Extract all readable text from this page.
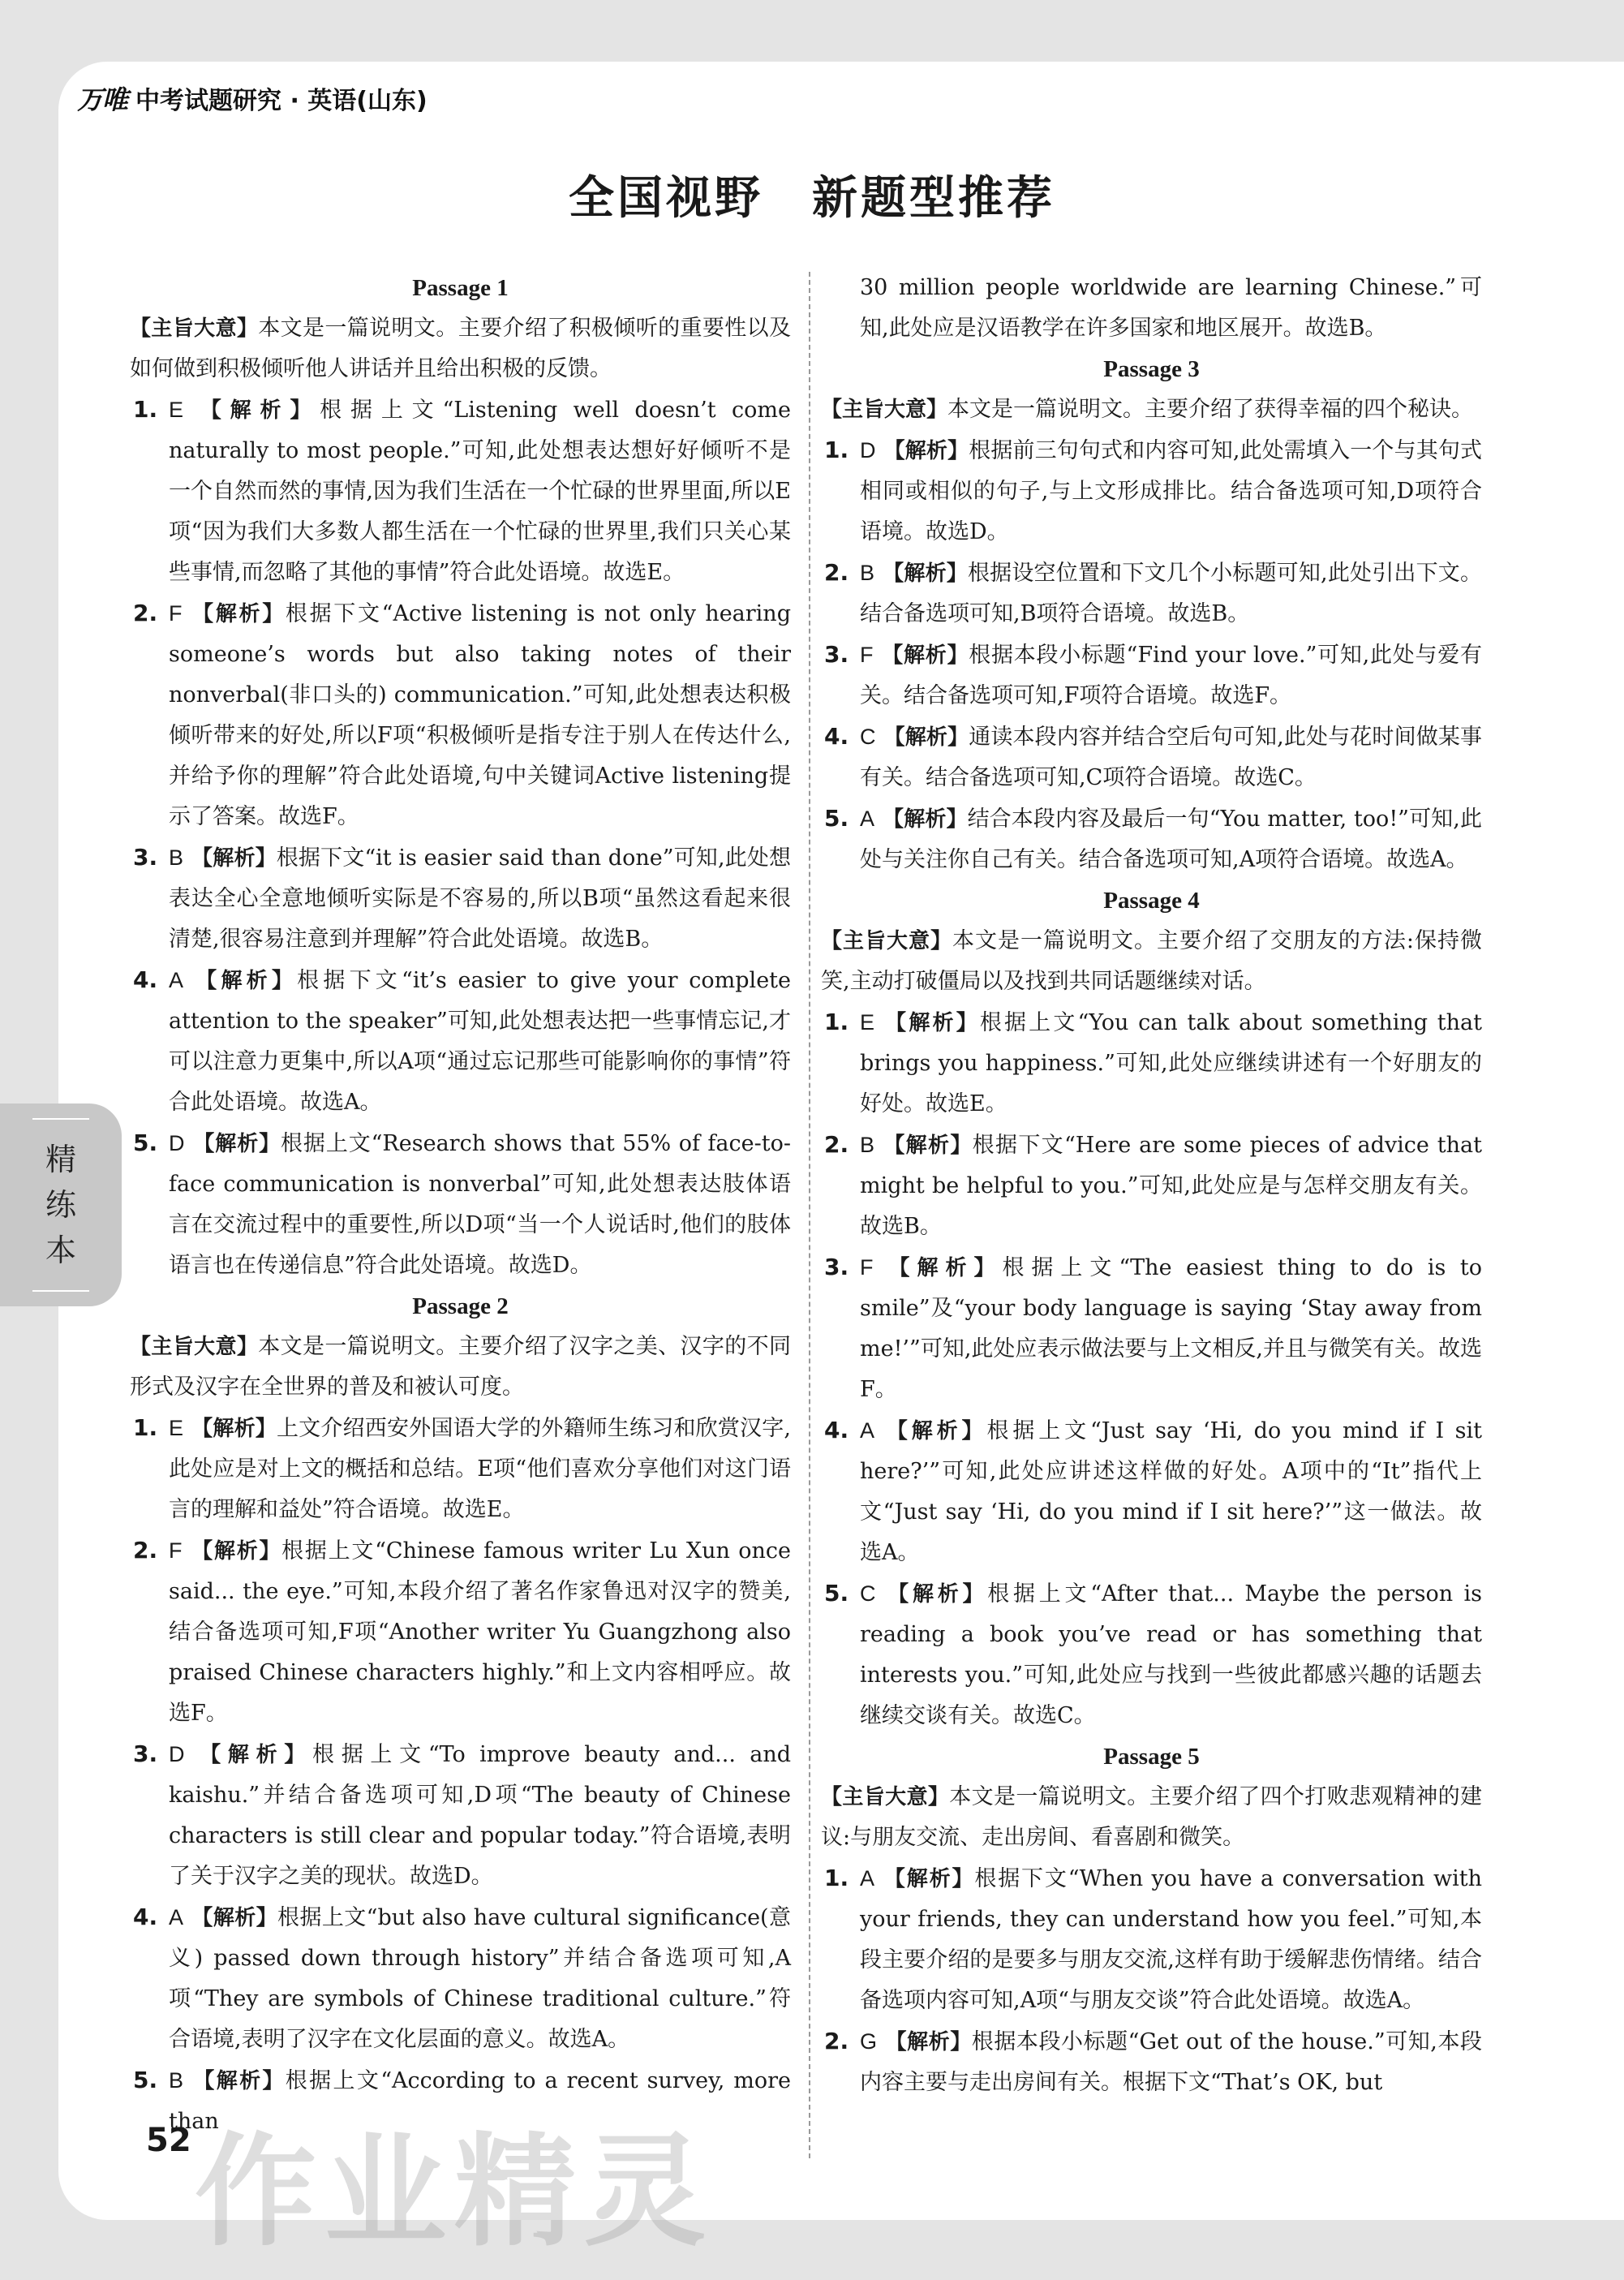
万唯 中考试题研究 · 英语(山东)
全国视野　新题型推荐
精
练
本
Passage 1
【主旨大意】本文是一篇说明文。主要介绍了积极倾听的重要性以及如何做到积极倾听他人讲话并且给出积极的反馈。
1. E 【解析】根据上文“Listening well doesn’t come naturally to most people.”可知,此处想表达想好好倾听不是一个自然而然的事情,因为我们生活在一个忙碌的世界里面,所以E项“因为我们大多数人都生活在一个忙碌的世界里,我们只关心某些事情,而忽略了其他的事情”符合此处语境。故选E。
2. F 【解析】根据下文“Active listening is not only hearing someone’s words but also taking notes of their nonverbal(非口头的) communication.”可知,此处想表达积极倾听带来的好处,所以F项“积极倾听是指专注于别人在传达什么,并给予你的理解”符合此处语境,句中关键词Active listening提示了答案。故选F。
3. B 【解析】根据下文“it is easier said than done”可知,此处想表达全心全意地倾听实际是不容易的,所以B项“虽然这看起来很清楚,很容易注意到并理解”符合此处语境。故选B。
4. A 【解析】根据下文“it’s easier to give your complete attention to the speaker”可知,此处想表达把一些事情忘记,才可以注意力更集中,所以A项“通过忘记那些可能影响你的事情”符合此处语境。故选A。
5. D 【解析】根据上文“Research shows that 55% of face-to-face communication is nonverbal”可知,此处想表达肢体语言在交流过程中的重要性,所以D项“当一个人说话时,他们的肢体语言也在传递信息”符合此处语境。故选D。
Passage 2
【主旨大意】本文是一篇说明文。主要介绍了汉字之美、汉字的不同形式及汉字在全世界的普及和被认可度。
1. E 【解析】上文介绍西安外国语大学的外籍师生练习和欣赏汉字,此处应是对上文的概括和总结。E项“他们喜欢分享他们对这门语言的理解和益处”符合语境。故选E。
2. F 【解析】根据上文“Chinese famous writer Lu Xun once said... the eye.”可知,本段介绍了著名作家鲁迅对汉字的赞美,结合备选项可知,F项“Another writer Yu Guangzhong also praised Chinese characters highly.”和上文内容相呼应。故选F。
3. D 【解析】根据上文“To improve beauty and... and kaishu.”并结合备选项可知,D项“The beauty of Chinese characters is still clear and popular today.”符合语境,表明了关于汉字之美的现状。故选D。
4. A 【解析】根据上文“but also have cultural significance(意义) passed down through history”并结合备选项可知,A项“They are symbols of Chinese traditional culture.”符合语境,表明了汉字在文化层面的意义。故选A。
5. B 【解析】根据上文“According to a recent survey, more than
30 million people worldwide are learning Chinese.”可知,此处应是汉语教学在许多国家和地区展开。故选B。
Passage 3
【主旨大意】本文是一篇说明文。主要介绍了获得幸福的四个秘诀。
1. D 【解析】根据前三句句式和内容可知,此处需填入一个与其句式相同或相似的句子,与上文形成排比。结合备选项可知,D项符合语境。故选D。
2. B 【解析】根据设空位置和下文几个小标题可知,此处引出下文。结合备选项可知,B项符合语境。故选B。
3. F 【解析】根据本段小标题“Find your love.”可知,此处与爱有关。结合备选项可知,F项符合语境。故选F。
4. C 【解析】通读本段内容并结合空后句可知,此处与花时间做某事有关。结合备选项可知,C项符合语境。故选C。
5. A 【解析】结合本段内容及最后一句“You matter, too!”可知,此处与关注你自己有关。结合备选项可知,A项符合语境。故选A。
Passage 4
【主旨大意】本文是一篇说明文。主要介绍了交朋友的方法:保持微笑,主动打破僵局以及找到共同话题继续对话。
1. E 【解析】根据上文“You can talk about something that brings you happiness.”可知,此处应继续讲述有一个好朋友的好处。故选E。
2. B 【解析】根据下文“Here are some pieces of advice that might be helpful to you.”可知,此处应是与怎样交朋友有关。故选B。
3. F 【解析】根据上文“The easiest thing to do is to smile”及“your body language is saying ‘Stay away from me!’”可知,此处应表示做法要与上文相反,并且与微笑有关。故选F。
4. A 【解析】根据上文“Just say ‘Hi, do you mind if I sit here?’”可知,此处应讲述这样做的好处。A项中的“It”指代上文“Just say ‘Hi, do you mind if I sit here?’”这一做法。故选A。
5. C 【解析】根据上文“After that... Maybe the person is reading a book you’ve read or has something that interests you.”可知,此处应与找到一些彼此都感兴趣的话题去继续交谈有关。故选C。
Passage 5
【主旨大意】本文是一篇说明文。主要介绍了四个打败悲观精神的建议:与朋友交流、走出房间、看喜剧和微笑。
1. A 【解析】根据下文“When you have a conversation with your friends, they can understand how you feel.”可知,本段主要介绍的是要多与朋友交流,这样有助于缓解悲伤情绪。结合备选项内容可知,A项“与朋友交谈”符合此处语境。故选A。
2. G 【解析】根据本段小标题“Get out of the house.”可知,本段内容主要与走出房间有关。根据下文“That’s OK, but
52 作业精灵
